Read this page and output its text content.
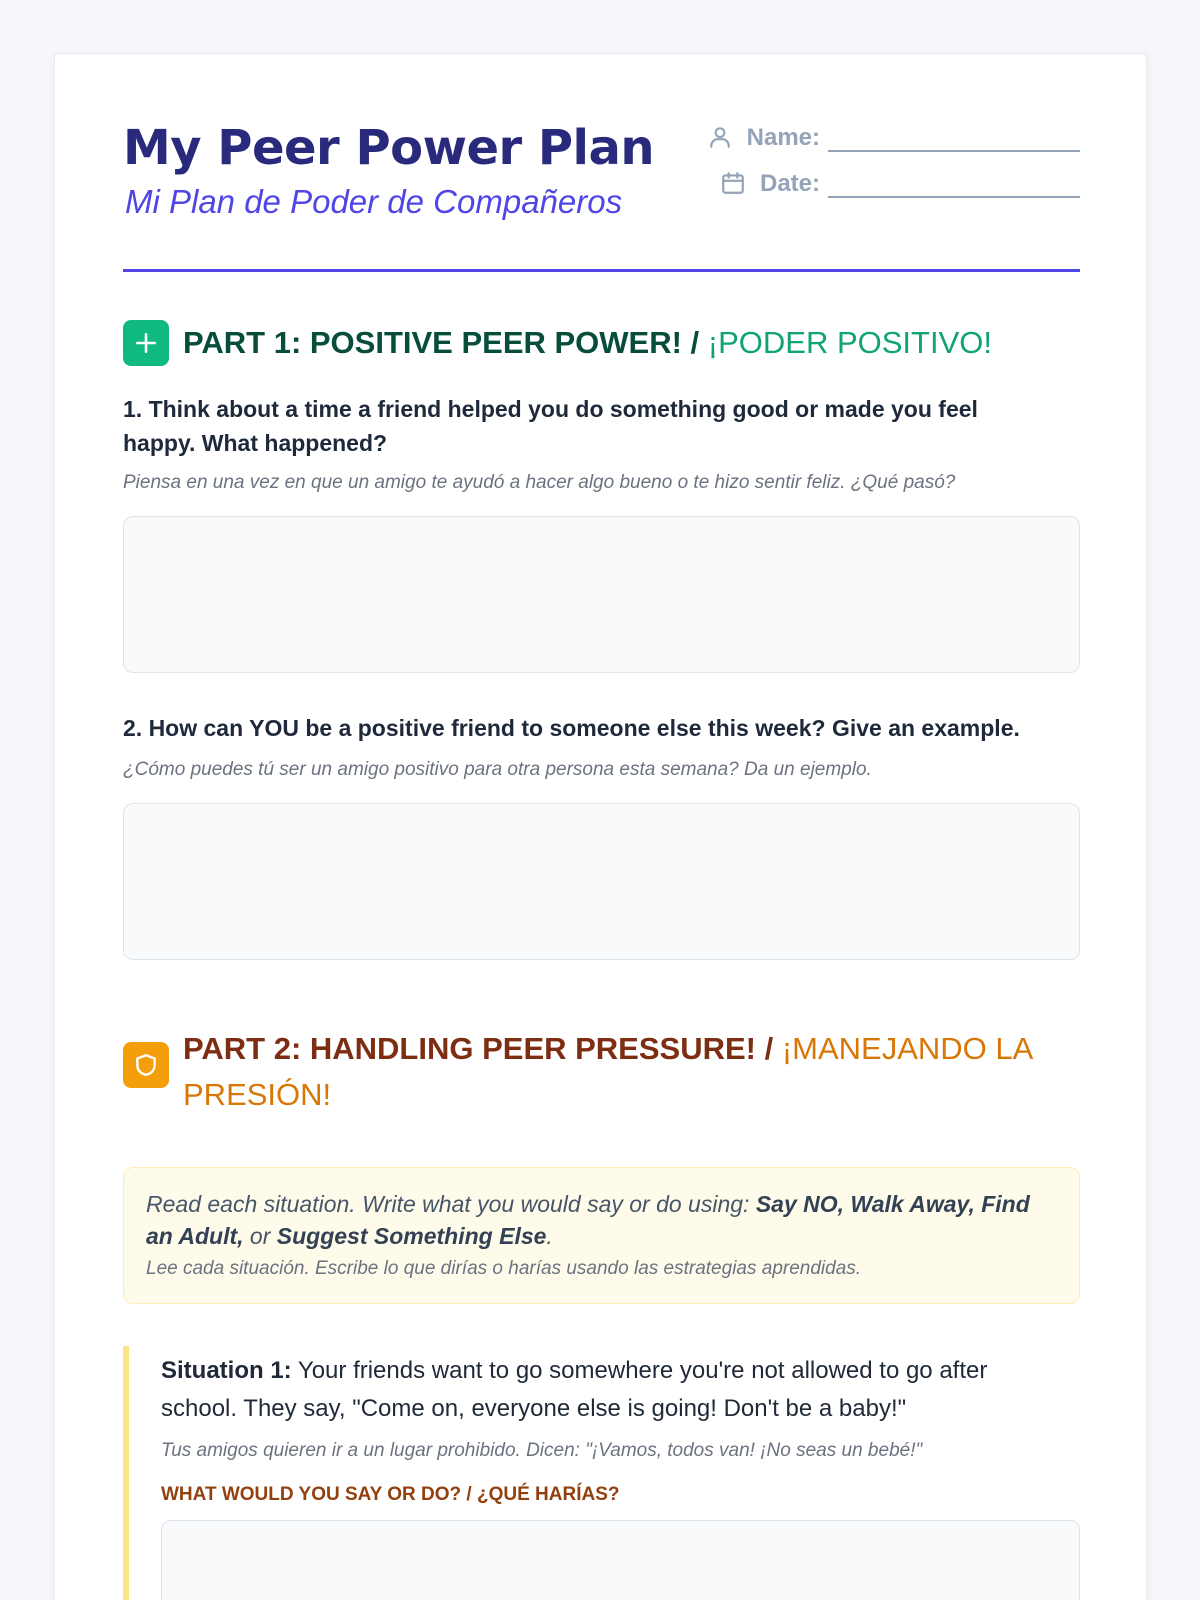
My Peer Power Plan
Mi Plan de Poder de Compañeros
Name:
Date:
PART 1: POSITIVE PEER POWER! / ¡PODER POSITIVO!
1. Think about a time a friend helped you do something good or made you feel happy. What happened?
Piensa en una vez en que un amigo te ayudó a hacer algo bueno o te hizo sentir feliz. ¿Qué pasó?
2. How can YOU be a positive friend to someone else this week? Give an example.
¿Cómo puedes tú ser un amigo positivo para otra persona esta semana? Da un ejemplo.
PART 2: HANDLING PEER PRESSURE! / ¡MANEJANDO LA PRESIÓN!
Read each situation. Write what you would say or do using: Say NO, Walk Away, Find an Adult, or Suggest Something Else.
Lee cada situación. Escribe lo que dirías o harías usando las estrategias aprendidas.
Situation 1: Your friends want to go somewhere you're not allowed to go after school. They say, "Come on, everyone else is going! Don't be a baby!"
Tus amigos quieren ir a un lugar prohibido. Dicen: "¡Vamos, todos van! ¡No seas un bebé!"
WHAT WOULD YOU SAY OR DO? / ¿QUÉ HARÍAS?
